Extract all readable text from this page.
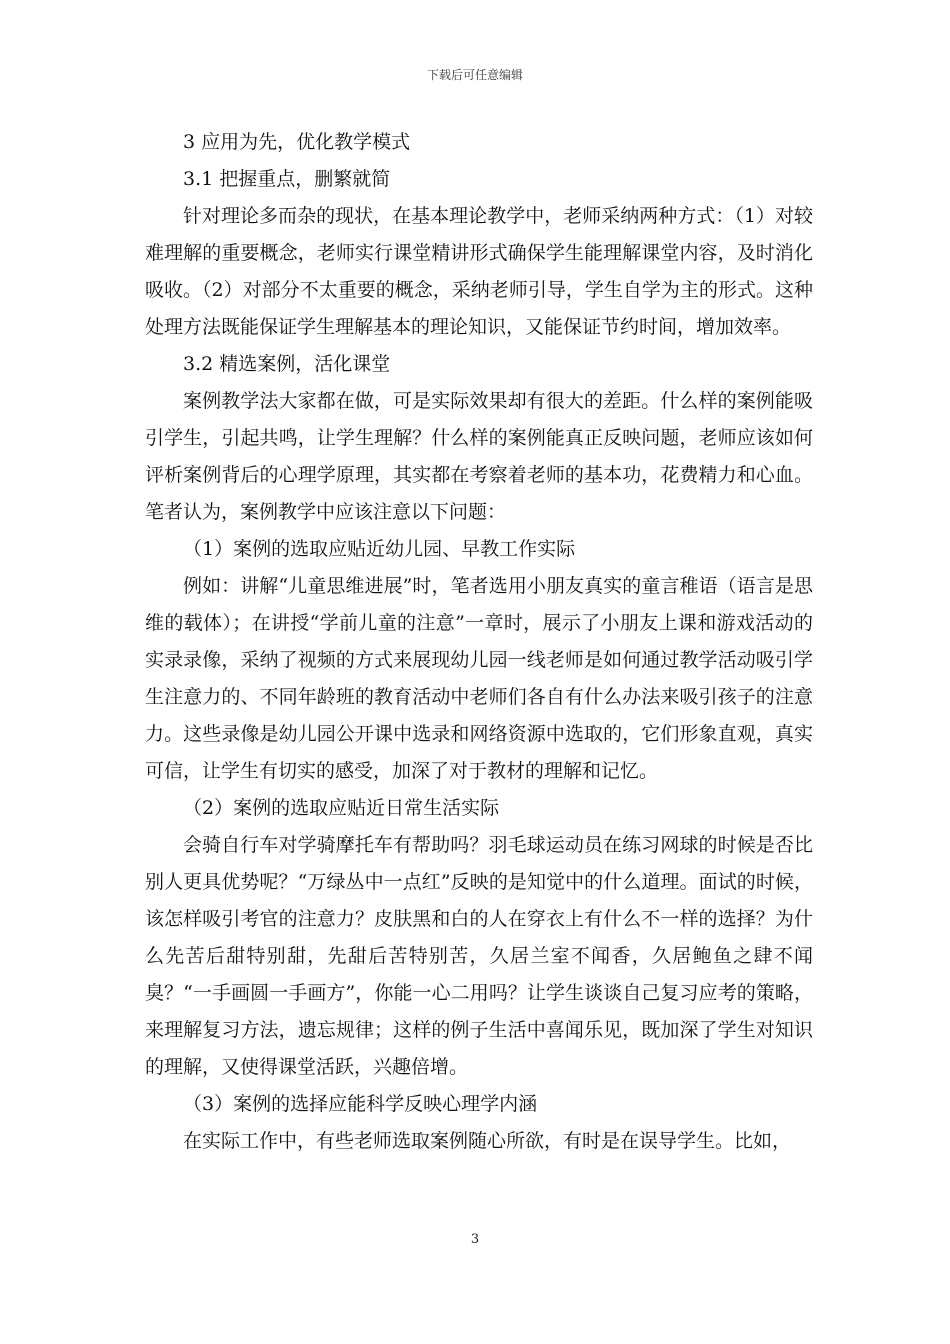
下载后可任意编辑

3 应用为先，优化教学模式

3.1 把握重点，删繁就简

针对理论多而杂的现状，在基本理论教学中，老师采纳两种方式：（1）对较难理解的重要概念，老师实行课堂精讲形式确保学生能理解课堂内容，及时消化吸收。（2）对部分不太重要的概念，采纳老师引导，学生自学为主的形式。这种处理方法既能保证学生理解基本的理论知识，又能保证节约时间，增加效率。

3.2 精选案例，活化课堂

案例教学法大家都在做，可是实际效果却有很大的差距。什么样的案例能吸引学生，引起共鸣，让学生理解？什么样的案例能真正反映问题，老师应该如何评析案例背后的心理学原理，其实都在考察着老师的基本功，花费精力和心血。笔者认为，案例教学中应该注意以下问题：

（1）案例的选取应贴近幼儿园、早教工作实际

例如：讲解“儿童思维进展”时，笔者选用小朋友真实的童言稚语（语言是思维的载体）；在讲授“学前儿童的注意”一章时，展示了小朋友上课和游戏活动的实录录像，采纳了视频的方式来展现幼儿园一线老师是如何通过教学活动吸引学生注意力的、不同年龄班的教育活动中老师们各自有什么办法来吸引孩子的注意力。这些录像是幼儿园公开课中选录和网络资源中选取的，它们形象直观，真实可信，让学生有切实的感受，加深了对于教材的理解和记忆。

（2）案例的选取应贴近日常生活实际

会骑自行车对学骑摩托车有帮助吗？羽毛球运动员在练习网球的时候是否比别人更具优势呢？“万绿丛中一点红”反映的是知觉中的什么道理。面试的时候，该怎样吸引考官的注意力？皮肤黑和白的人在穿衣上有什么不一样的选择？为什么先苦后甜特别甜，先甜后苦特别苦，久居兰室不闻香，久居鲍鱼之肆不闻臭？“一手画圆一手画方”，你能一心二用吗？让学生谈谈自己复习应考的策略，来理解复习方法，遗忘规律；这样的例子生活中喜闻乐见，既加深了学生对知识的理解，又使得课堂活跃，兴趣倍增。

（3）案例的选择应能科学反映心理学内涵

在实际工作中，有些老师选取案例随心所欲，有时是在误导学生。比如，

3
